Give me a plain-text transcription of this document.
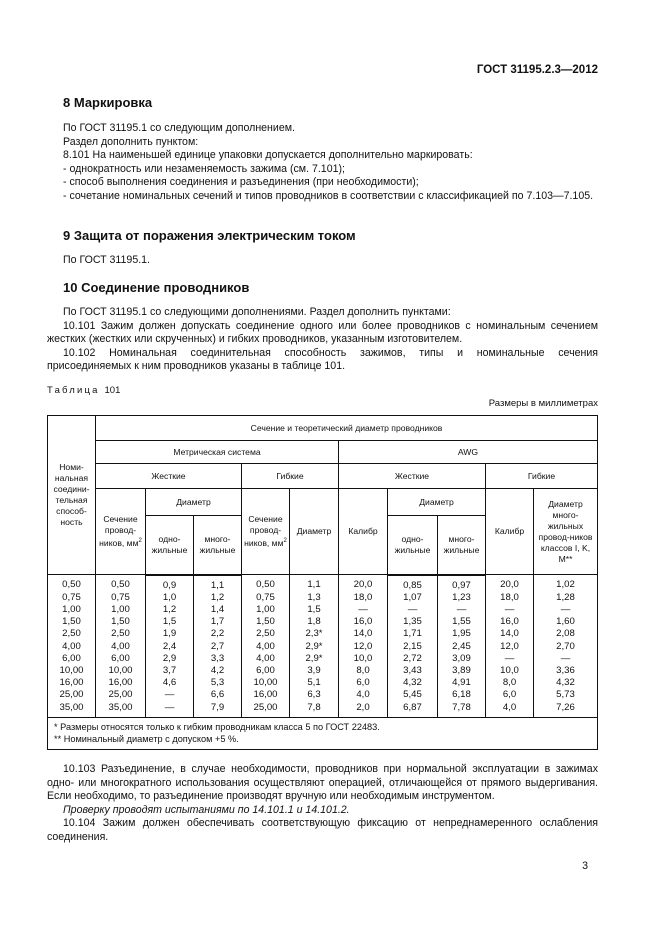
ГОСТ 31195.2.3—2012
8 Маркировка

По ГОСТ 31195.1 со следующим дополнением.

Раздел дополнить пунктом:

8.101 На наименьшей единице упаковки допускается дополнительно маркировать:

- однократность или незаменяемость зажима (см. 7.101);

- способ выполнения соединения и разъединения (при необходимости);

- сочетание номинальных сечений и типов проводников в соответствии с классификацией по 7.103—7.105.

9 Защита от поражения электрическим током

По ГОСТ 31195.1.

10 Соединение проводников

По ГОСТ 31195.1 со следующими дополнениями. Раздел дополнить пунктами:

10.101 Зажим должен допускать соединение одного или более проводников с номинальным сечением жестких (жестких или скрученных) и гибких проводников, указанным изготовителем.

10.102 Номинальная соединительная способность зажимов, типы и номинальные сечения присоединяемых к ним проводников указаны в таблице 101.

Таблица 101
Размеры в миллиметрах
Номи-нальная соедини-тельная способ-ность	Сечение и теоретический диаметр проводников									
	Метрическая система					AWG				
	Жесткие			Гибкие		Жесткие			Гибкие	
	Сечение провод-ников, $мм^2$	Диаметр		Сечение провод-ников, $мм^2$	Диаметр	Калибр	Диаметр		Калибр	Диаметр много-жильных провод-ников классов I, K, M**
		одно-жильные	много-жильные				одно-жильные	много-жильные		
0,50	0,50	0,9	1,1	0,50	1,1	20,0	0,85	0,97	20,0	1,02
0,75	0,75	1,0	1,2	0,75	1,3	18,0	1,07	1,23	18,0	1,28
1,00	1,00	1,2	1,4	1,00	1,5	—	—	—	—	—
1,50	1,50	1,5	1,7	1,50	1,8	16,0	1,35	1,55	16,0	1,60
2,50	2,50	1,9	2,2	2,50	2,3*	14,0	1,71	1,95	14,0	2,08
4,00	4,00	2,4	2,7	4,00	2,9*	12,0	2,15	2,45	12,0	2,70
6,00	6,00	2,9	3,3	4,00	2,9*	10,0	2,72	3,09	—	—
10,00	10,00	3,7	4,2	6,00	3,9	8,0	3,43	3,89	10,0	3,36
16,00	16,00	4,6	5,3	10,00	5,1	6,0	4,32	4,91	8,0	4,32
25,00	25,00	—	6,6	16,00	6,3	4,0	5,45	6,18	6,0	5,73
35,00	35,00	—	7,9	25,00	7,8	2,0	6,87	7,78	4,0	7,26

* Размеры относятся только к гибким проводникам класса 5 по ГОСТ 22483.
** Номинальный диаметр с допуском +5 %.										

10.103 Разъединение, в случае необходимости, проводников при нормальной эксплуатации в зажимах одно- или многократного использования осуществляют операцией, отличающейся от прямого выдергивания. Если необходимо, то разъединение производят вручную или необходимым инструментом.

Проверку проводят испытаниями по 14.101.1 и 14.101.2.

10.104 Зажим должен обеспечивать соответствующую фиксацию от непреднамеренного ослабления соединения.

3
